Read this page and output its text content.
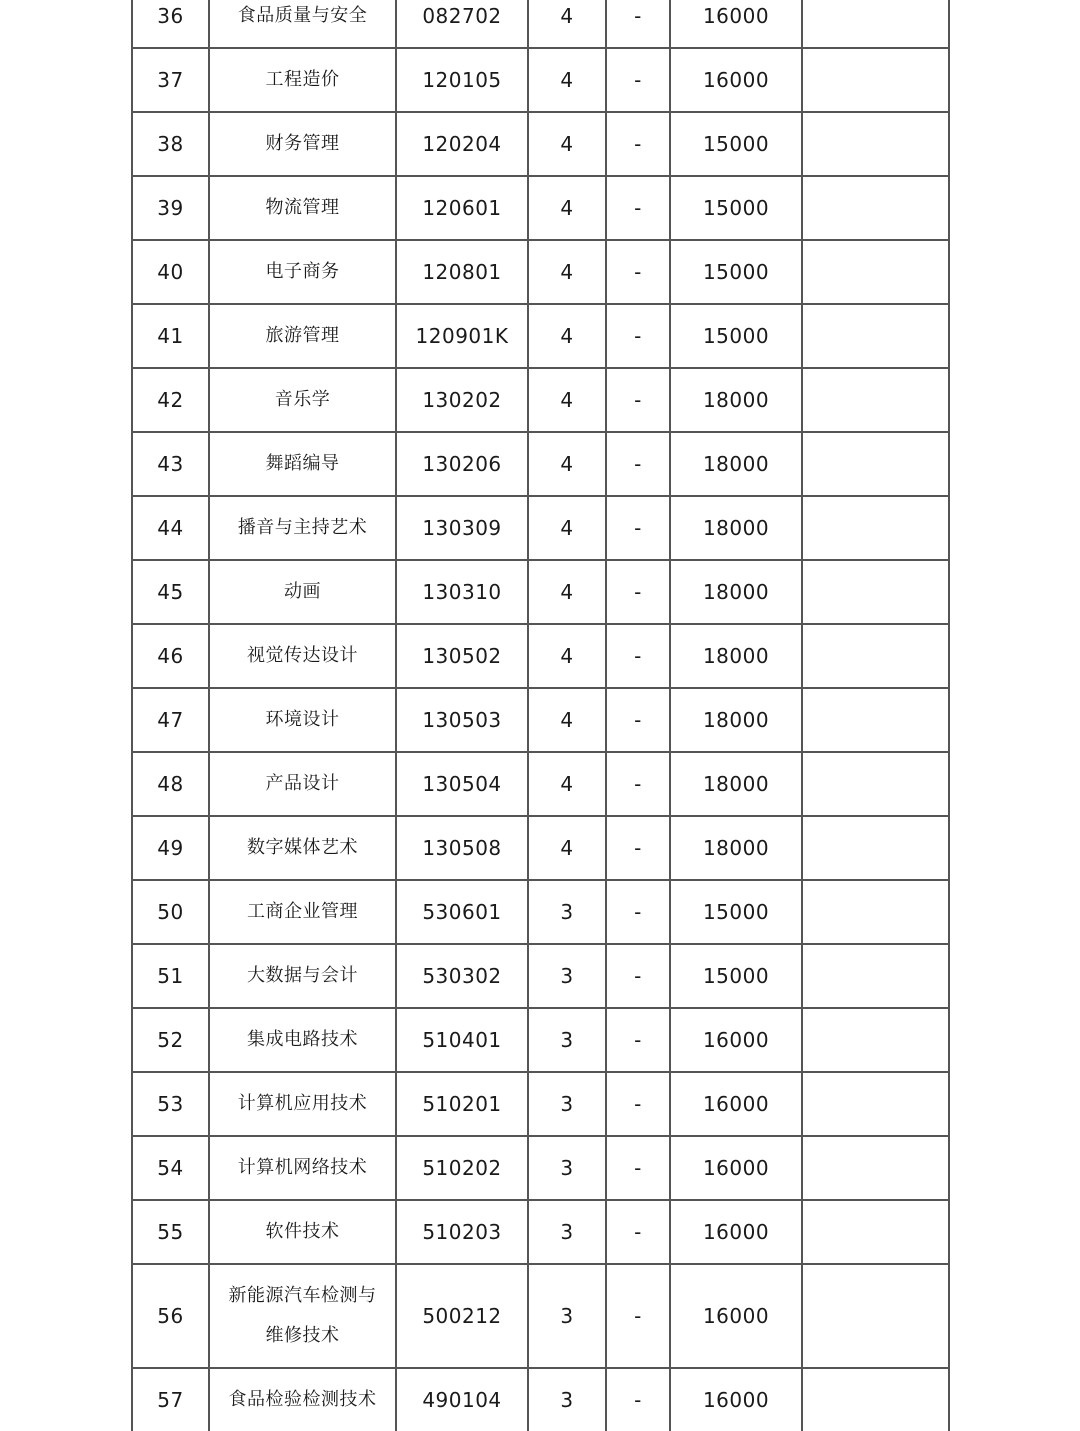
36	食品质量与安全	082702	4	-	16000	
37	工程造价	120105	4	-	16000	
38	财务管理	120204	4	-	15000	
39	物流管理	120601	4	-	15000	
40	电子商务	120801	4	-	15000	
41	旅游管理	120901K	4	-	15000	
42	音乐学	130202	4	-	18000	
43	舞蹈编导	130206	4	-	18000	
44	播音与主持艺术	130309	4	-	18000	
45	动画	130310	4	-	18000	
46	视觉传达设计	130502	4	-	18000	
47	环境设计	130503	4	-	18000	
48	产品设计	130504	4	-	18000	
49	数字媒体艺术	130508	4	-	18000	
50	工商企业管理	530601	3	-	15000	
51	大数据与会计	530302	3	-	15000	
52	集成电路技术	510401	3	-	16000	
53	计算机应用技术	510201	3	-	16000	
54	计算机网络技术	510202	3	-	16000	
55	软件技术	510203	3	-	16000	
56	新能源汽车检测与维修技术	500212	3	-	16000	
57	食品检验检测技术	490104	3	-	16000	
